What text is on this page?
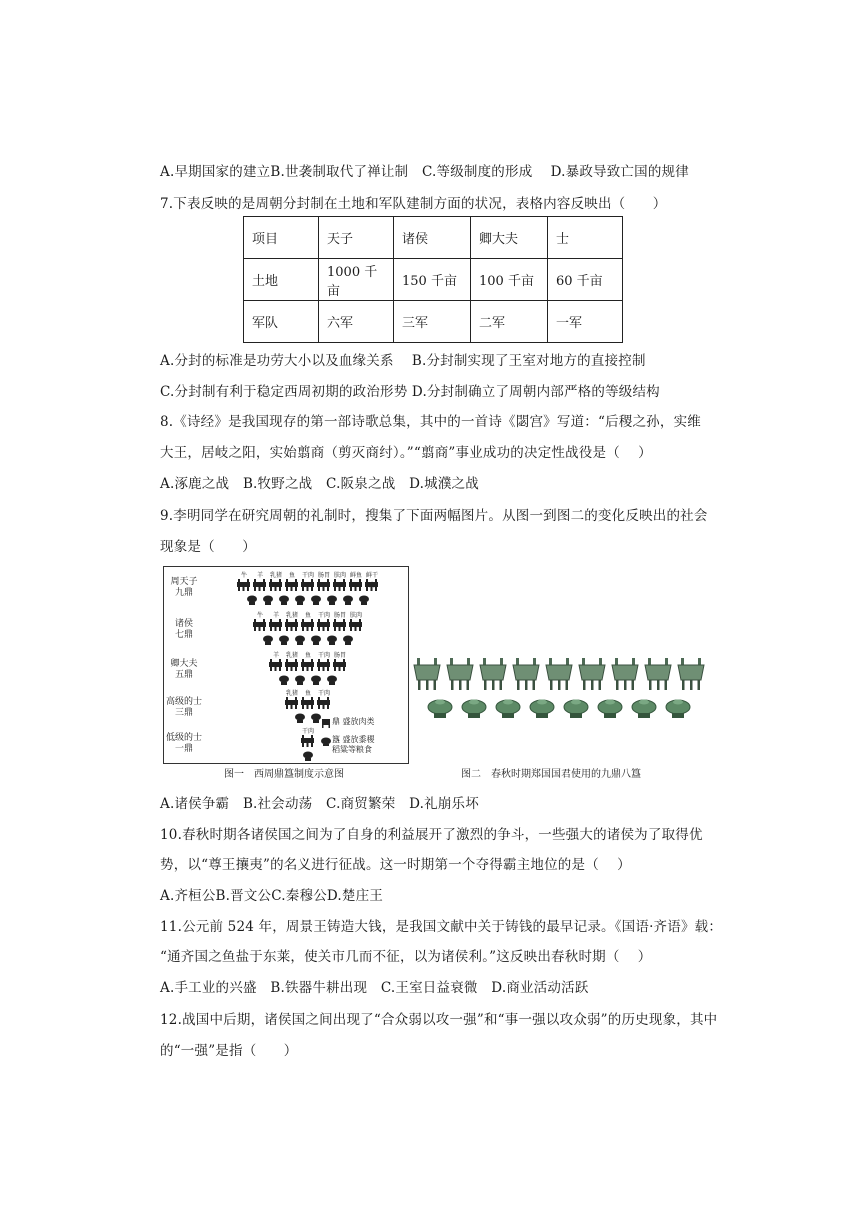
A.早期国家的建立B.世袭制取代了禅让制　C.等级制度的形成　 D.暴政导致亡国的规律
7.下表反映的是周朝分封制在土地和军队建制方面的状况，表格内容反映出（　　）
项目	天子	诸侯	卿大夫	士
土地	1000 千亩	150 千亩	100 千亩	60 千亩
军队	六军	三军	二军	一军
A.分封的标准是功劳大小以及血缘关系　 B.分封制实现了王室对地方的直接控制
C.分封制有利于稳定西周初期的政治形势 D.分封制确立了周朝内部严格的等级结构
8.《诗经》是我国现存的第一部诗歌总集，其中的一首诗《閟宫》写道：“后稷之孙，实维
大王，居岐之阳，实始翦商（剪灭商纣）。”“翦商”事业成功的决定性战役是（　 ）
A.涿鹿之战　B.牧野之战　C.阪泉之战　D.城濮之战
9.李明同学在研究周朝的礼制时，搜集了下面两幅图片。从图一到图二的变化反映出的社会
现象是（　　）
周天子
九鼎
诸侯
七鼎
卿大夫
五鼎
高级的士
三鼎
低级的士
一鼎
牛	羊	乳猪	鱼	干肉 肠胃 肤肉 鲜鱼 鲜干
牛	羊	乳猪	鱼	干肉 肠胃 肤肉
羊	乳猪	鱼	干肉 肠胃
乳猪	鱼	干肉
干肉
鼎 盛放肉类
簋 盛放黍稷
稻粱等粮食
图一　西周鼎簋制度示意图	图二　春秋时期郑国国君使用的九鼎八簋
A.诸侯争霸　B.社会动荡　C.商贸繁荣　D.礼崩乐坏
10.春秋时期各诸侯国之间为了自身的利益展开了激烈的争斗，一些强大的诸侯为了取得优
势，以“尊王攘夷”的名义进行征战。这一时期第一个夺得霸主地位的是（　 ）
A.齐桓公B.晋文公C.秦穆公D.楚庄王
11.公元前 524 年，周景王铸造大钱，是我国文献中关于铸钱的最早记录。《国语·齐语》载：
“通齐国之鱼盐于东莱，使关市几而不征，以为诸侯利。”这反映出春秋时期（　 ）
A.手工业的兴盛　B.铁器牛耕出现　C.王室日益衰微　D.商业活动活跃
12.战国中后期，诸侯国之间出现了“合众弱以攻一强”和“事一强以攻众弱”的历史现象，其中
的“一强”是指（　　）
